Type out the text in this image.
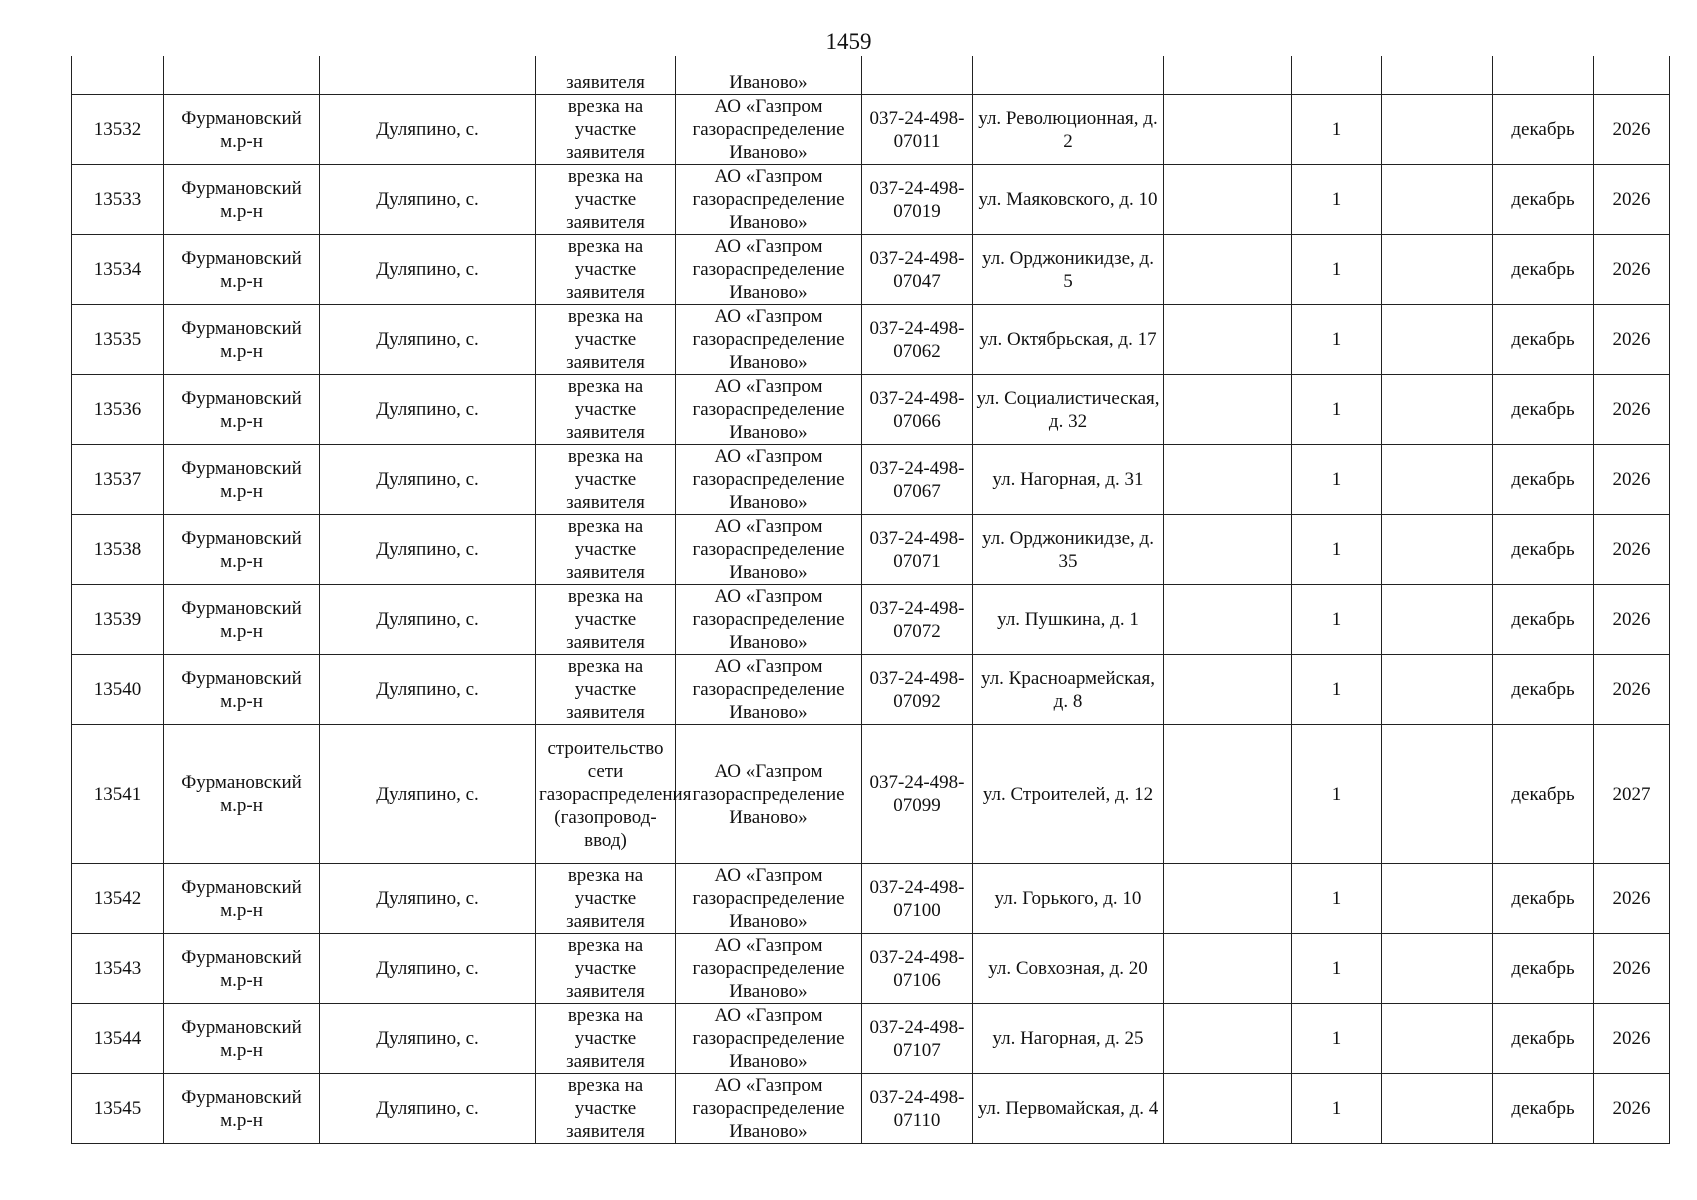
1459
			заявителя	Иваново»							
13532	Фурмановский м.р-н	Дуляпино, с.	врезка на участке заявителя	АО «Газпром газораспределение Иваново»	037-24-498-07011	ул. Революционная, д. 2		1		декабрь	2026
13533	Фурмановский м.р-н	Дуляпино, с.	врезка на участке заявителя	АО «Газпром газораспределение Иваново»	037-24-498-07019	ул. Маяковского, д. 10		1		декабрь	2026
13534	Фурмановский м.р-н	Дуляпино, с.	врезка на участке заявителя	АО «Газпром газораспределение Иваново»	037-24-498-07047	ул. Орджоникидзе, д. 5		1		декабрь	2026
13535	Фурмановский м.р-н	Дуляпино, с.	врезка на участке заявителя	АО «Газпром газораспределение Иваново»	037-24-498-07062	ул. Октябрьская, д. 17		1		декабрь	2026
13536	Фурмановский м.р-н	Дуляпино, с.	врезка на участке заявителя	АО «Газпром газораспределение Иваново»	037-24-498-07066	ул. Социалистическая, д. 32		1		декабрь	2026
13537	Фурмановский м.р-н	Дуляпино, с.	врезка на участке заявителя	АО «Газпром газораспределение Иваново»	037-24-498-07067	ул. Нагорная, д. 31		1		декабрь	2026
13538	Фурмановский м.р-н	Дуляпино, с.	врезка на участке заявителя	АО «Газпром газораспределение Иваново»	037-24-498-07071	ул. Орджоникидзе, д. 35		1		декабрь	2026
13539	Фурмановский м.р-н	Дуляпино, с.	врезка на участке заявителя	АО «Газпром газораспределение Иваново»	037-24-498-07072	ул. Пушкина, д. 1		1		декабрь	2026
13540	Фурмановский м.р-н	Дуляпино, с.	врезка на участке заявителя	АО «Газпром газораспределение Иваново»	037-24-498-07092	ул. Красноармейская, д. 8		1		декабрь	2026
13541	Фурмановский м.р-н	Дуляпино, с.	строительство сети газораспределения (газопровод-ввод)	АО «Газпром газораспределение Иваново»	037-24-498-07099	ул. Строителей, д. 12		1		декабрь	2027
13542	Фурмановский м.р-н	Дуляпино, с.	врезка на участке заявителя	АО «Газпром газораспределение Иваново»	037-24-498-07100	ул. Горького, д. 10		1		декабрь	2026
13543	Фурмановский м.р-н	Дуляпино, с.	врезка на участке заявителя	АО «Газпром газораспределение Иваново»	037-24-498-07106	ул. Совхозная, д. 20		1		декабрь	2026
13544	Фурмановский м.р-н	Дуляпино, с.	врезка на участке заявителя	АО «Газпром газораспределение Иваново»	037-24-498-07107	ул. Нагорная, д. 25		1		декабрь	2026
13545	Фурмановский м.р-н	Дуляпино, с.	врезка на участке заявителя	АО «Газпром газораспределение Иваново»	037-24-498-07110	ул. Первомайская, д. 4		1		декабрь	2026
